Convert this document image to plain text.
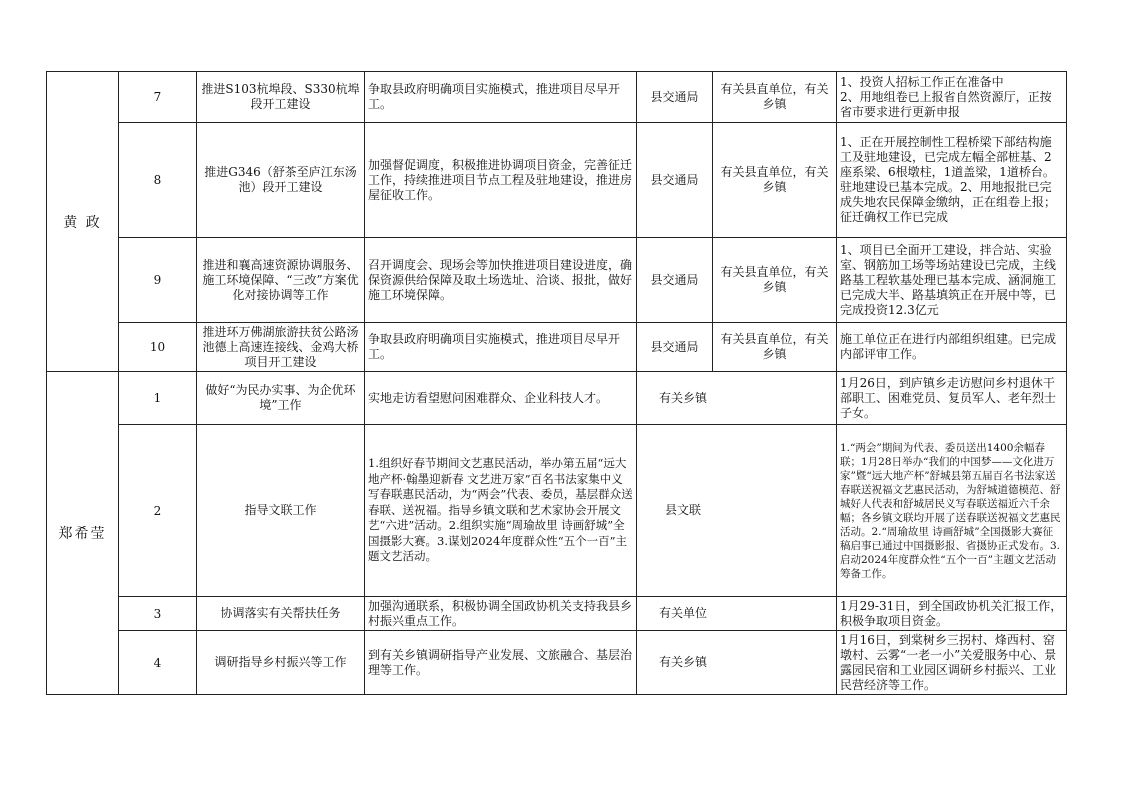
黄 政	7	推进S103杭埠段、S330杭埠段开工建设	争取县政府明确项目实施模式，推进项目尽早开工。	县交通局	有关县直单位，有关乡镇	1、投资人招标工作正在准备中
2、用地组卷已上报省自然资源厅，正按省市要求进行更新申报
	8	推进G346（舒茶至庐江东汤池）段开工建设	加强督促调度，积极推进协调项目资金，完善征迁工作，持续推进项目节点工程及驻地建设，推进房屋征收工作。	县交通局	有关县直单位，有关乡镇	1、正在开展控制性工程桥梁下部结构施工及驻地建设，已完成左幅全部桩基、2座系梁、6根墩柱，1道盖梁，1道桥台。驻地建设已基本完成。2、用地报批已完成失地农民保障金缴纳，正在组卷上报；征迁确权工作已完成
	9	推进和襄高速资源协调服务、施工环境保障、“三改”方案优化对接协调等工作	召开调度会、现场会等加快推进项目建设进度，确保资源供给保障及取土场选址、洽谈、报批，做好施工环境保障。	县交通局	有关县直单位，有关乡镇	1、项目已全面开工建设，拌合站、实验室、钢筋加工场等场站建设已完成，主线路基工程软基处理已基本完成、涵洞施工已完成大半、路基填筑正在开展中等，已完成投资12.3亿元
	10	推进环万佛湖旅游扶贫公路汤池德上高速连接线、金鸡大桥项目开工建设	争取县政府明确项目实施模式，推进项目尽早开工。	县交通局	有关县直单位，有关乡镇	施工单位正在进行内部组织组建。已完成内部评审工作。
郑希莹	1	做好“为民办实事、为企优环境”工作	实地走访看望慰问困难群众、企业科技人才。	有关乡镇		1月26日，到庐镇乡走访慰问乡村退休干部职工、困难党员、复员军人、老年烈士子女。
	2	指导文联工作	1.组织好春节期间文艺惠民活动，举办第五届“远大地产杯·翰墨迎新春 文艺进万家”百名书法家集中义写春联惠民活动，为“两会”代表、委员，基层群众送春联、送祝福。指导乡镇文联和艺术家协会开展文艺“六进”活动。2.组织实施“周瑜故里 诗画舒城”全国摄影大赛。3.谋划2024年度群众性“五个一百”主题文艺活动。	县文联		1.“两会”期间为代表、委员送出1400余幅春联；1月28日举办“我们的中国梦——文化进万家”暨“远大地产杯”舒城县第五届百名书法家送春联送祝福文艺惠民活动，为舒城道德模范、舒城好人代表和舒城居民义写春联送福近六千余幅；各乡镇文联均开展了送春联送祝福文艺惠民活动。2.“周瑜故里 诗画舒城”全国摄影大赛征稿启事已通过中国摄影报、省摄协正式发布。3.启动2024年度群众性“五个一百”主题文艺活动筹备工作。
	3	协调落实有关帮扶任务	加强沟通联系，积极协调全国政协机关支持我县乡村振兴重点工作。	有关单位		1月29-31日，到全国政协机关汇报工作，积极争取项目资金。
	4	调研指导乡村振兴等工作	到有关乡镇调研指导产业发展、文旅融合、基层治理等工作。	有关乡镇		1月16日，到棠树乡三拐村、烽西村、窑墩村、云雾“一老一小”关爱服务中心、景露园民宿和工业园区调研乡村振兴、工业民营经济等工作。
